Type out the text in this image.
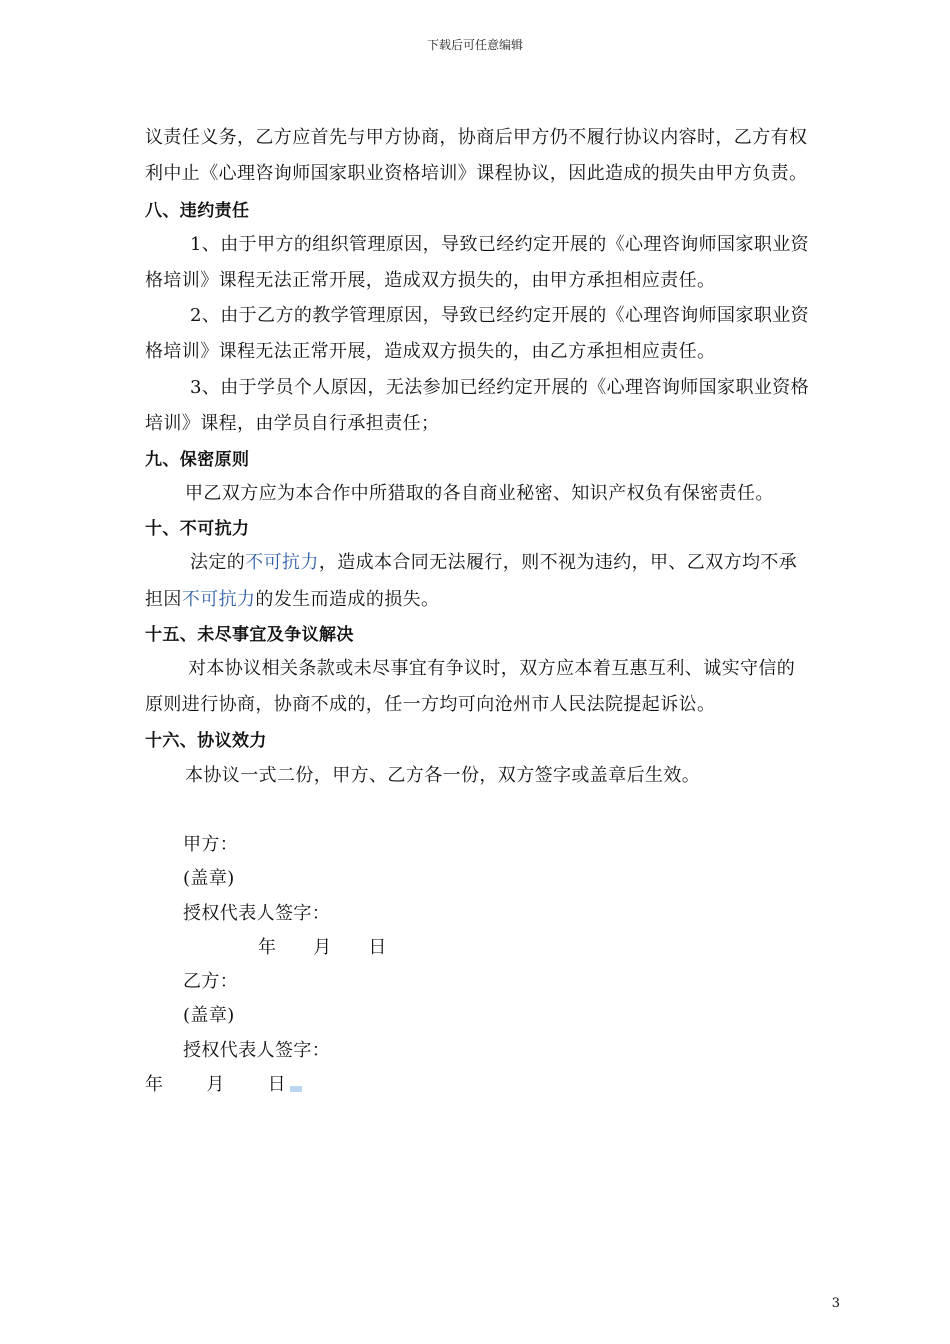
下载后可任意编辑
议责任义务，乙方应首先与甲方协商，协商后甲方仍不履行协议内容时，乙方有权
利中止《心理咨询师国家职业资格培训》课程协议，因此造成的损失由甲方负责。
八、违约责任
1、由于甲方的组织管理原因，导致已经约定开展的《心理咨询师国家职业资
格培训》课程无法正常开展，造成双方损失的，由甲方承担相应责任。
2、由于乙方的教学管理原因，导致已经约定开展的《心理咨询师国家职业资
格培训》课程无法正常开展，造成双方损失的，由乙方承担相应责任。
3、由于学员个人原因，无法参加已经约定开展的《心理咨询师国家职业资格
培训》课程，由学员自行承担责任；
九、保密原则
甲乙双方应为本合作中所猎取的各自商业秘密、知识产权负有保密责任。
十、不可抗力
法定的不可抗力，造成本合同无法履行，则不视为违约，甲、乙双方均不承
担因不可抗力的发生而造成的损失。
十五、未尽事宜及争议解决
对本协议相关条款或未尽事宜有争议时，双方应本着互惠互利、诚实守信的
原则进行协商，协商不成的，任一方均可向沧州市人民法院提起诉讼。
十六、协议效力
本协议一式二份，甲方、乙方各一份，双方签字或盖章后生效。
甲方：
(盖章)
授权代表人签字：
年　　月　　日
乙方：
(盖章)
授权代表人签字：
年　　 月　　 日
3
